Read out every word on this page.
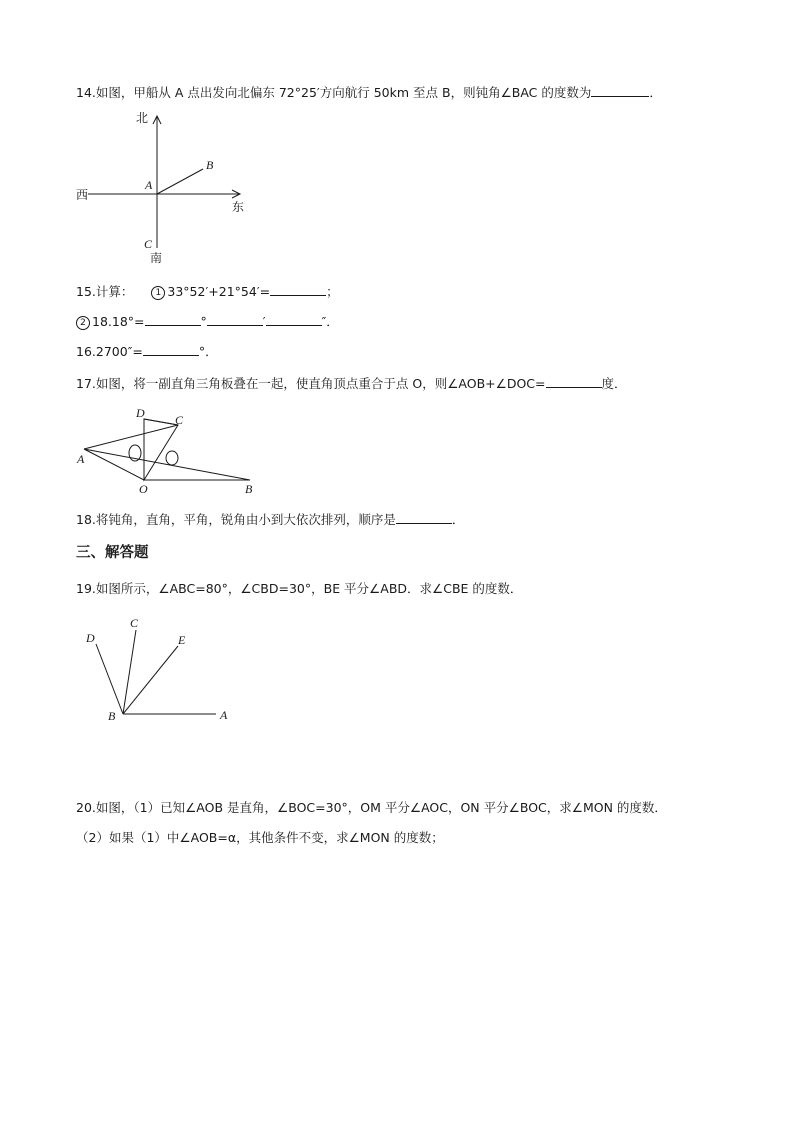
14.如图，甲船从 A 点出发向北偏东 72°25′方向航行 50km 至点 B，则钝角∠BAC 的度数为	．
北
南
西
东
A
B
C
15.计算： 1 33°52′+21°54′=	；
2 18.18°=	°	′	″．
16.2700″=	°．
17.如图，将一副直角三角板叠在一起，使直角顶点重合于点 O，则∠AOB+∠DOC=	度．
A
D	C
O	B
18.将钝角，直角，平角，锐角由小到大依次排列，顺序是	．
三、解答题
19.如图所示，∠ABC=80°，∠CBD=30°，BE 平分∠ABD．求∠CBE 的度数．
D
C
E
B	A
20.如图，（1）已知∠AOB 是直角，∠BOC=30°，OM 平分∠AOC，ON 平分∠BOC，求∠MON 的度数．
（2）如果（1）中∠AOB=α，其他条件不变，求∠MON 的度数；
